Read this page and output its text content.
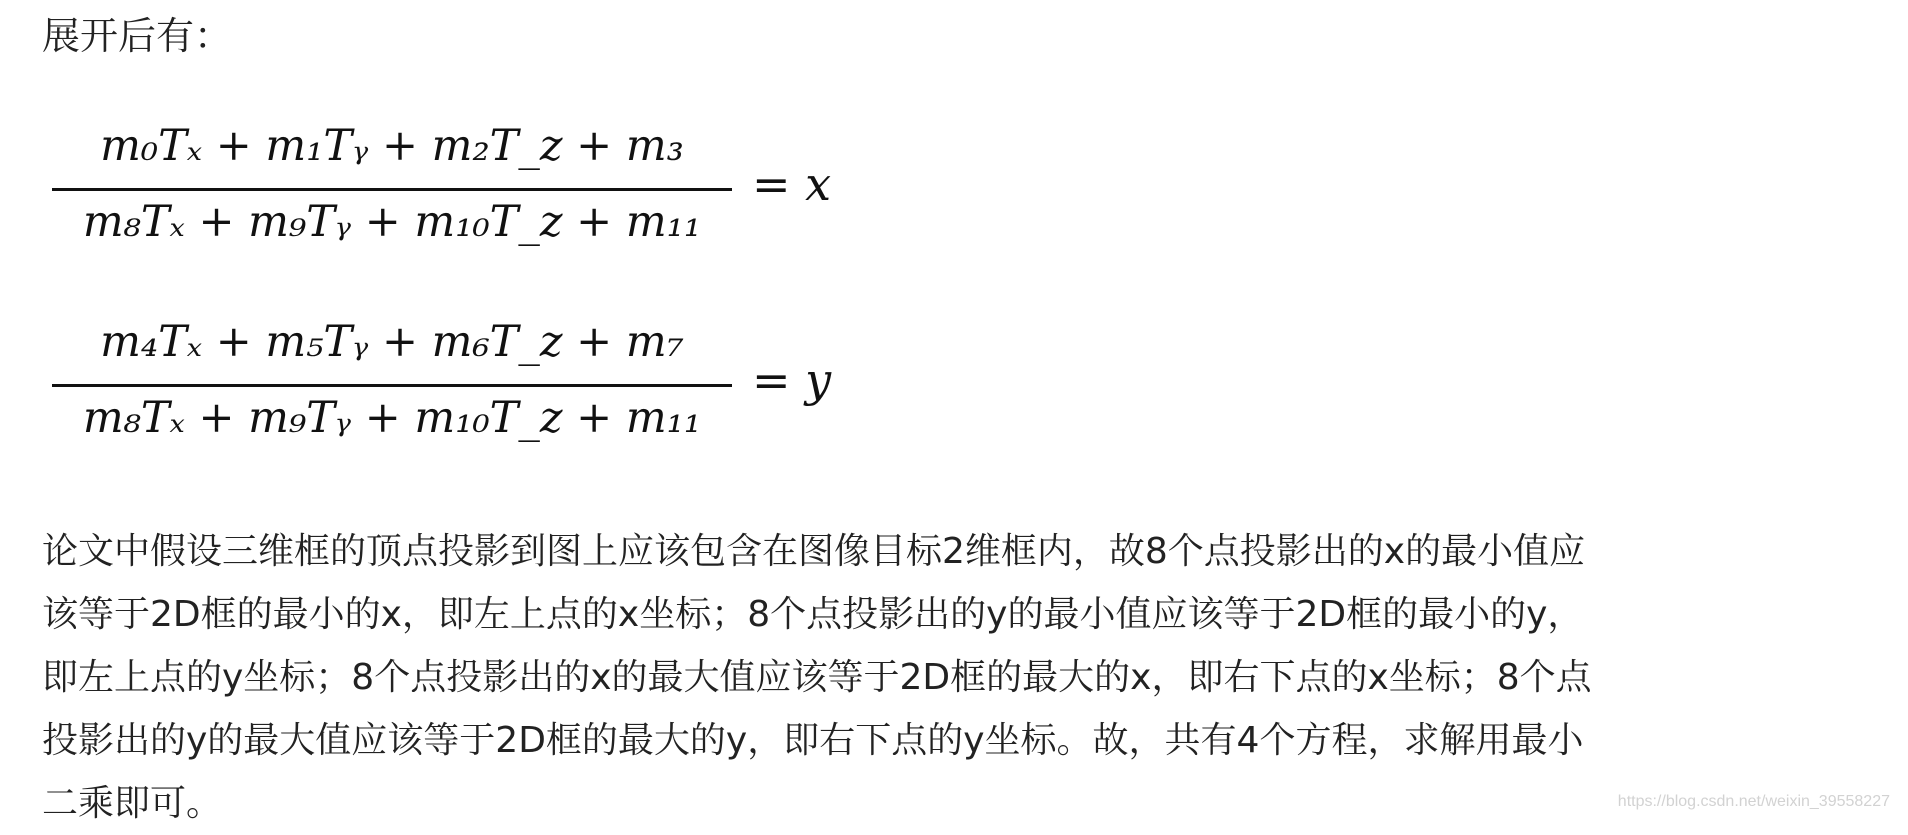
展开后有：
m₀Tₓ + m₁Tᵧ + m₂T_z + m₃
m₈Tₓ + m₉Tᵧ + m₁₀T_z + m₁₁
= x
m₄Tₓ + m₅Tᵧ + m₆T_z + m₇
m₈Tₓ + m₉Tᵧ + m₁₀T_z + m₁₁
= y
论文中假设三维框的顶点投影到图上应该包含在图像目标2维框内，故8个点投影出的x的最小值应
该等于2D框的最小的x，即左上点的x坐标；8个点投影出的y的最小值应该等于2D框的最小的y，
即左上点的y坐标；8个点投影出的x的最大值应该等于2D框的最大的x，即右下点的x坐标；8个点
投影出的y的最大值应该等于2D框的最大的y，即右下点的y坐标。故，共有4个方程，求解用最小
二乘即可。	https://blog.csdn.net/weixin_39558227
